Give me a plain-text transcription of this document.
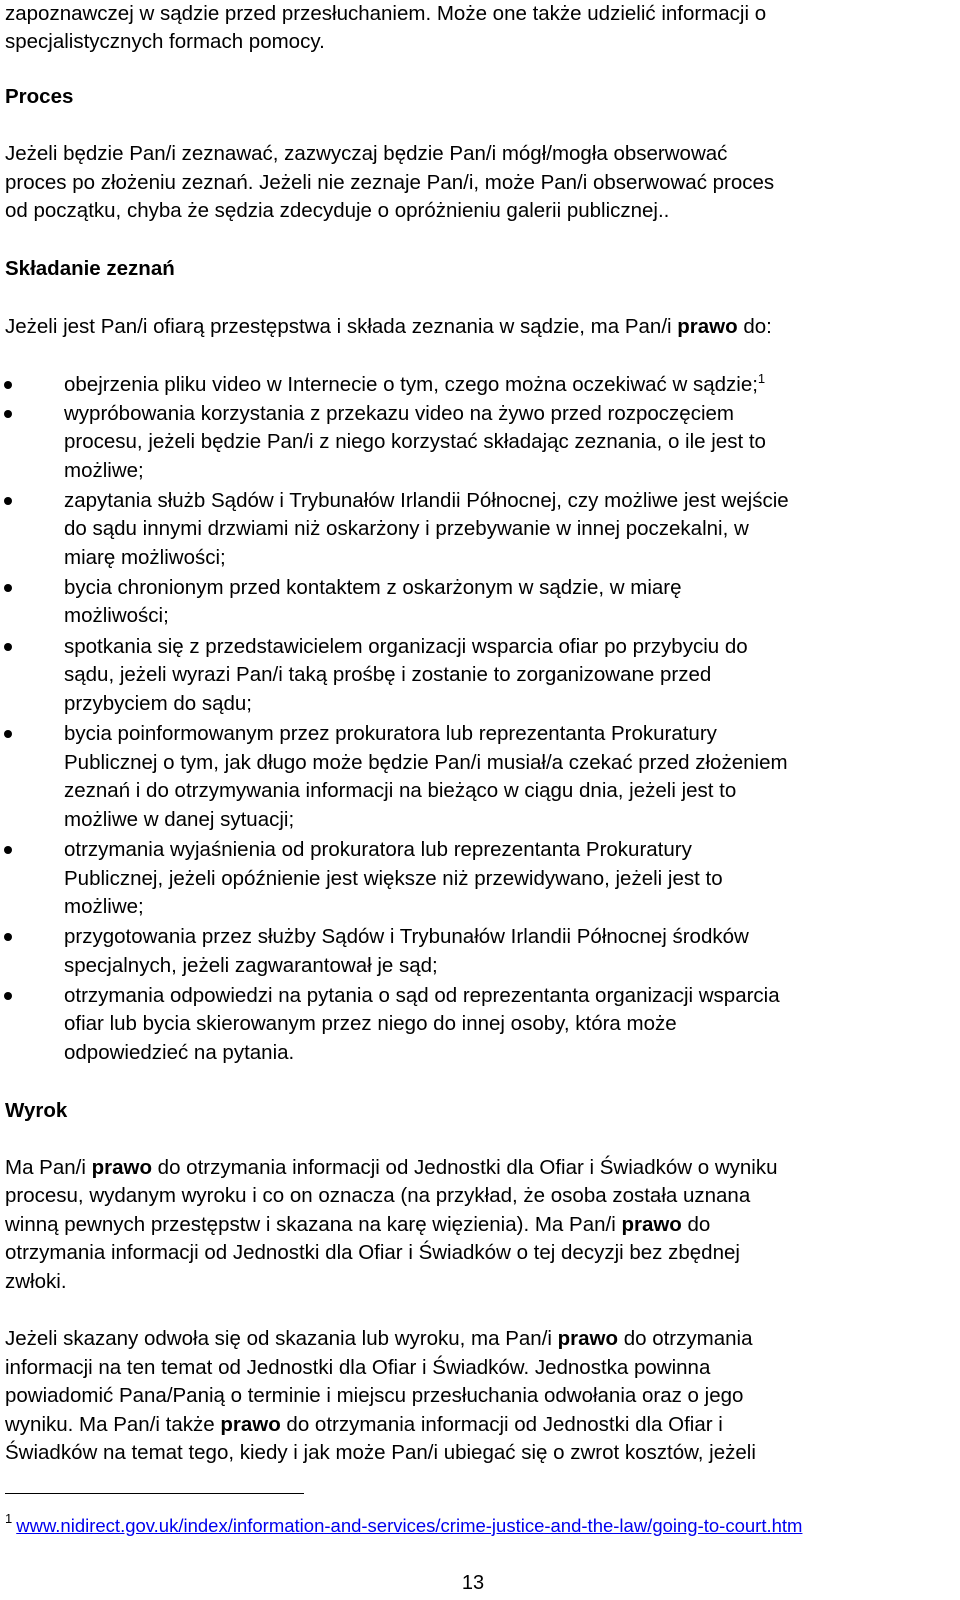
zapoznawczej w sądzie przed przesłuchaniem. Może one także udzielić informacji o
specjalistycznych formach pomocy.
Proces
Jeżeli będzie Pan/i zeznawać, zazwyczaj będzie Pan/i mógł/mogła obserwować
proces po złożeniu zeznań. Jeżeli nie zeznaje Pan/i, może Pan/i obserwować proces
od początku, chyba że sędzia zdecyduje o opróżnieniu galerii publicznej..
Składanie zeznań
Jeżeli jest Pan/i ofiarą przestępstwa i składa zeznania w sądzie, ma Pan/i prawo do:
obejrzenia pliku video w Internecie o tym, czego można oczekiwać w sądzie;$^1$
wypróbowania korzystania z przekazu video na żywo przed rozpoczęciem
procesu, jeżeli będzie Pan/i z niego korzystać składając zeznania, o ile jest to
możliwe;
zapytania służb Sądów i Trybunałów Irlandii Północnej, czy możliwe jest wejście
do sądu innymi drzwiami niż oskarżony i przebywanie w innej poczekalni, w
miarę możliwości;
bycia chronionym przed kontaktem z oskarżonym w sądzie, w miarę
możliwości;
spotkania się z przedstawicielem organizacji wsparcia ofiar po przybyciu do
sądu, jeżeli wyrazi Pan/i taką prośbę i zostanie to zorganizowane przed
przybyciem do sądu;
bycia poinformowanym przez prokuratora lub reprezentanta Prokuratury
Publicznej o tym, jak długo może będzie Pan/i musiał/a czekać przed złożeniem
zeznań i do otrzymywania informacji na bieżąco w ciągu dnia, jeżeli jest to
możliwe w danej sytuacji;
otrzymania wyjaśnienia od prokuratora lub reprezentanta Prokuratury
Publicznej, jeżeli opóźnienie jest większe niż przewidywano, jeżeli jest to
możliwe;
przygotowania przez służby Sądów i Trybunałów Irlandii Północnej środków
specjalnych, jeżeli zagwarantował je sąd;
otrzymania odpowiedzi na pytania o sąd od reprezentanta organizacji wsparcia
ofiar lub bycia skierowanym przez niego do innej osoby, która może
odpowiedzieć na pytania.
Wyrok
Ma Pan/i prawo do otrzymania informacji od Jednostki dla Ofiar i Świadków o wyniku
procesu, wydanym wyroku i co on oznacza (na przykład, że osoba została uznana
winną pewnych przestępstw i skazana na karę więzienia). Ma Pan/i prawo do
otrzymania informacji od Jednostki dla Ofiar i Świadków o tej decyzji bez zbędnej
zwłoki.
Jeżeli skazany odwoła się od skazania lub wyroku, ma Pan/i prawo do otrzymania
informacji na ten temat od Jednostki dla Ofiar i Świadków. Jednostka powinna
powiadomić Pana/Panią o terminie i miejscu przesłuchania odwołania oraz o jego
wyniku. Ma Pan/i także prawo do otrzymania informacji od Jednostki dla Ofiar i
Świadków na temat tego, kiedy i jak może Pan/i ubiegać się o zwrot kosztów, jeżeli
$^1$ www.nidirect.gov.uk/index/information-and-services/crime-justice-and-the-law/going-to-court.htm
13
